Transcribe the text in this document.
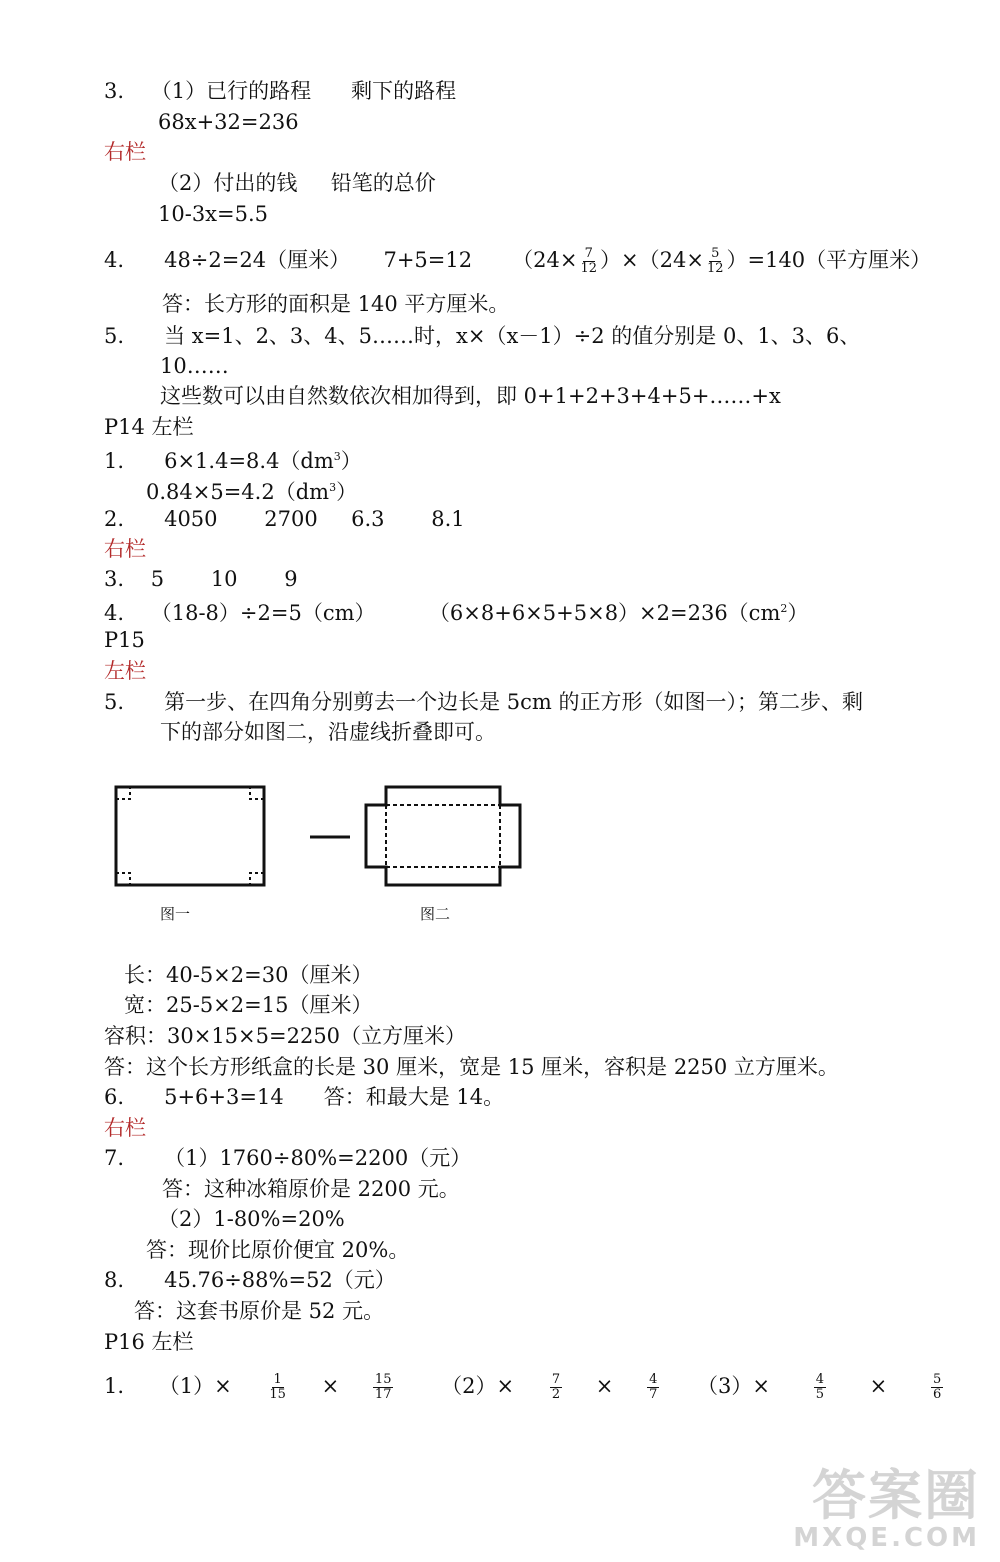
3.    （1）已行的路程      剩下的路程
68x+32=236
右栏
（2）付出的钱     铅笔的总价
10-3x=5.5
4.      48÷2=24（厘米）     7+5=12      $(24\times \frac{7}{12} )\times(24\times \frac{5}{12} )=140$（平方厘米）
答：长方形的面积是 140 平方厘米。
5.      当 x=1、2、3、4、5……时，x×（x－1）÷2 的值分别是 0、1、3、6、
10……
这些数可以由自然数依次相加得到，即 0+1+2+3+4+5+……+x
P14 左栏
1.      $6\times 1.4=8.4(dm^3)$
$0.84\times 5=4.2(dm^3)$
2.      4050       2700     6.3       8.1
右栏
3.    5       10       9
4.    （18-8）÷2=5（cm）        $(6\times 8+6\times 5+5\times 8)\times 2=236(cm^2)$
P15
左栏
5.      第一步、在四角分别剪去一个边长是 5cm 的正方形（如图一）；第二步、剩
下的部分如图二，沿虚线折叠即可。
图一	图二
长：40-5×2=30（厘米）
宽：25-5×2=15（厘米）
容积：30×15×5=2250（立方厘米）
答：这个长方形纸盒的长是 30 厘米，宽是 15 厘米，容积是 2250 立方厘米。
6.      5+6+3=14      答：和最大是 14。
右栏
7.      （1）1760÷80%=2200（元）
答：这种冰箱原价是 2200 元。
（2）1-80%=20%
答：现价比原价便宜 20%。
8.      45.76÷88%=52（元）
答：这套书原价是 52 元。
P16 左栏
1. （1）×	$\frac{1}{15}$ ×	$\frac{15}{17} (2)\times$	$\frac{7}{2}$ ×	$\frac{4}{7} (3)\times$	$\frac{4}{5}$ ×	$\frac{5}{6}$
答案圈
MXQE.COM
